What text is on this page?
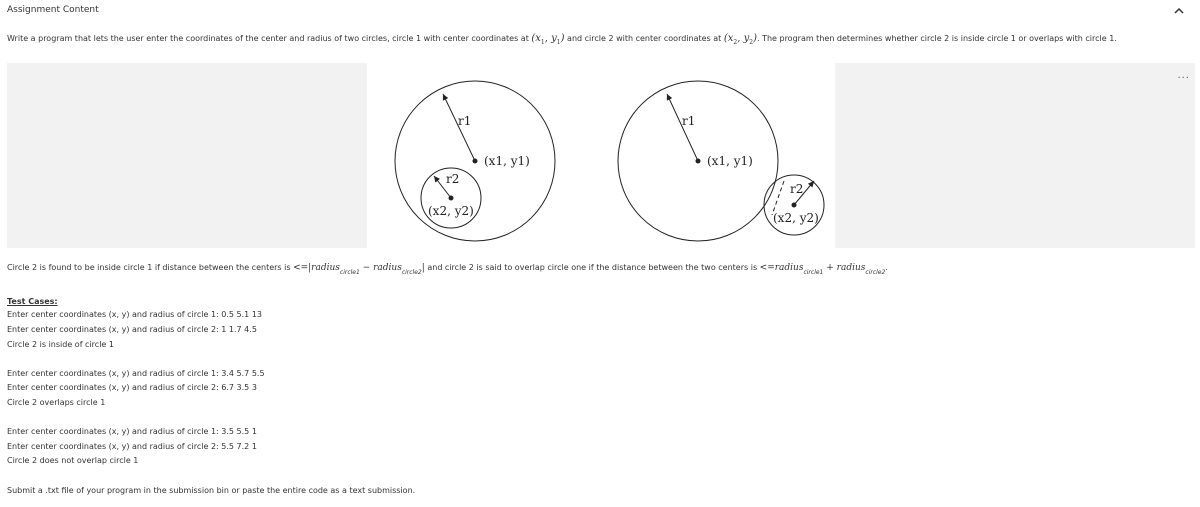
Assignment Content
Write a program that lets the user enter the coordinates of the center and radius of two circles, circle 1 with center coordinates at ($x_1$, $y_1$) and circle 2 with center coordinates at ($x_2$, $y_2$). The program then determines whether circle 2 is inside circle 1 or overlaps with circle 1.
...
r1
(x1, y1)
r2
(x2, y2)
r1
(x1, y1)
r2
(x2, y2)
Circle 2 is found to be inside circle 1 if distance between the centers is <=|radius$_{circle1}$ − radius$_{circle2}$| and circle 2 is said to overlap circle one if the distance between the two centers is <=radius$_{circle1}$ + radius$_{circle2}$.
Test Cases:
Enter center coordinates (x, y) and radius of circle 1: 0.5 5.1 13
Enter center coordinates (x, y) and radius of circle 2: 1 1.7 4.5
Circle 2 is inside of circle 1
Enter center coordinates (x, y) and radius of circle 1: 3.4 5.7 5.5
Enter center coordinates (x, y) and radius of circle 2: 6.7 3.5 3
Circle 2 overlaps circle 1
Enter center coordinates (x, y) and radius of circle 1: 3.5 5.5 1
Enter center coordinates (x, y) and radius of circle 2: 5.5 7.2 1
Circle 2 does not overlap circle 1
Submit a .txt file of your program in the submission bin or paste the entire code as a text submission.
